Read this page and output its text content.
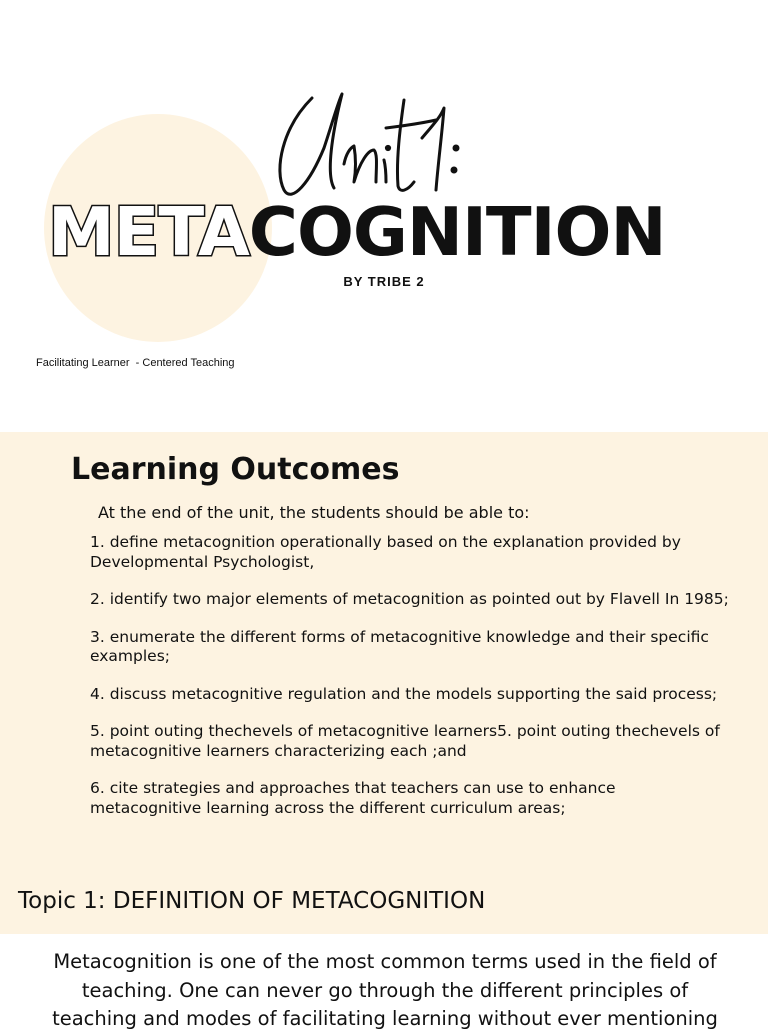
METACOGNITION
BY TRIBE 2
Facilitating Learner  - Centered Teaching
Learning Outcomes
At the end of the unit, the students should be able to:
1. define metacognition operationally based on the explanation provided by Developmental Psychologist,
2. identify two major elements of metacognition as pointed out by Flavell In 1985;
3. enumerate the different forms of metacognitive knowledge and their specific examples;
4. discuss metacognitive regulation and the models supporting the said process;
5. point outing thechevels of metacognitive learners5. point outing thechevels of metacognitive learners characterizing each ;and
6. cite strategies and approaches that teachers can use to enhance metacognitive learning across the different curriculum areas;
Topic 1: DEFINITION OF METACOGNITION

Metacognition is one of the most common terms used in the field of teaching. One can never go through the different principles of teaching and modes of facilitating learning without ever mentioning
